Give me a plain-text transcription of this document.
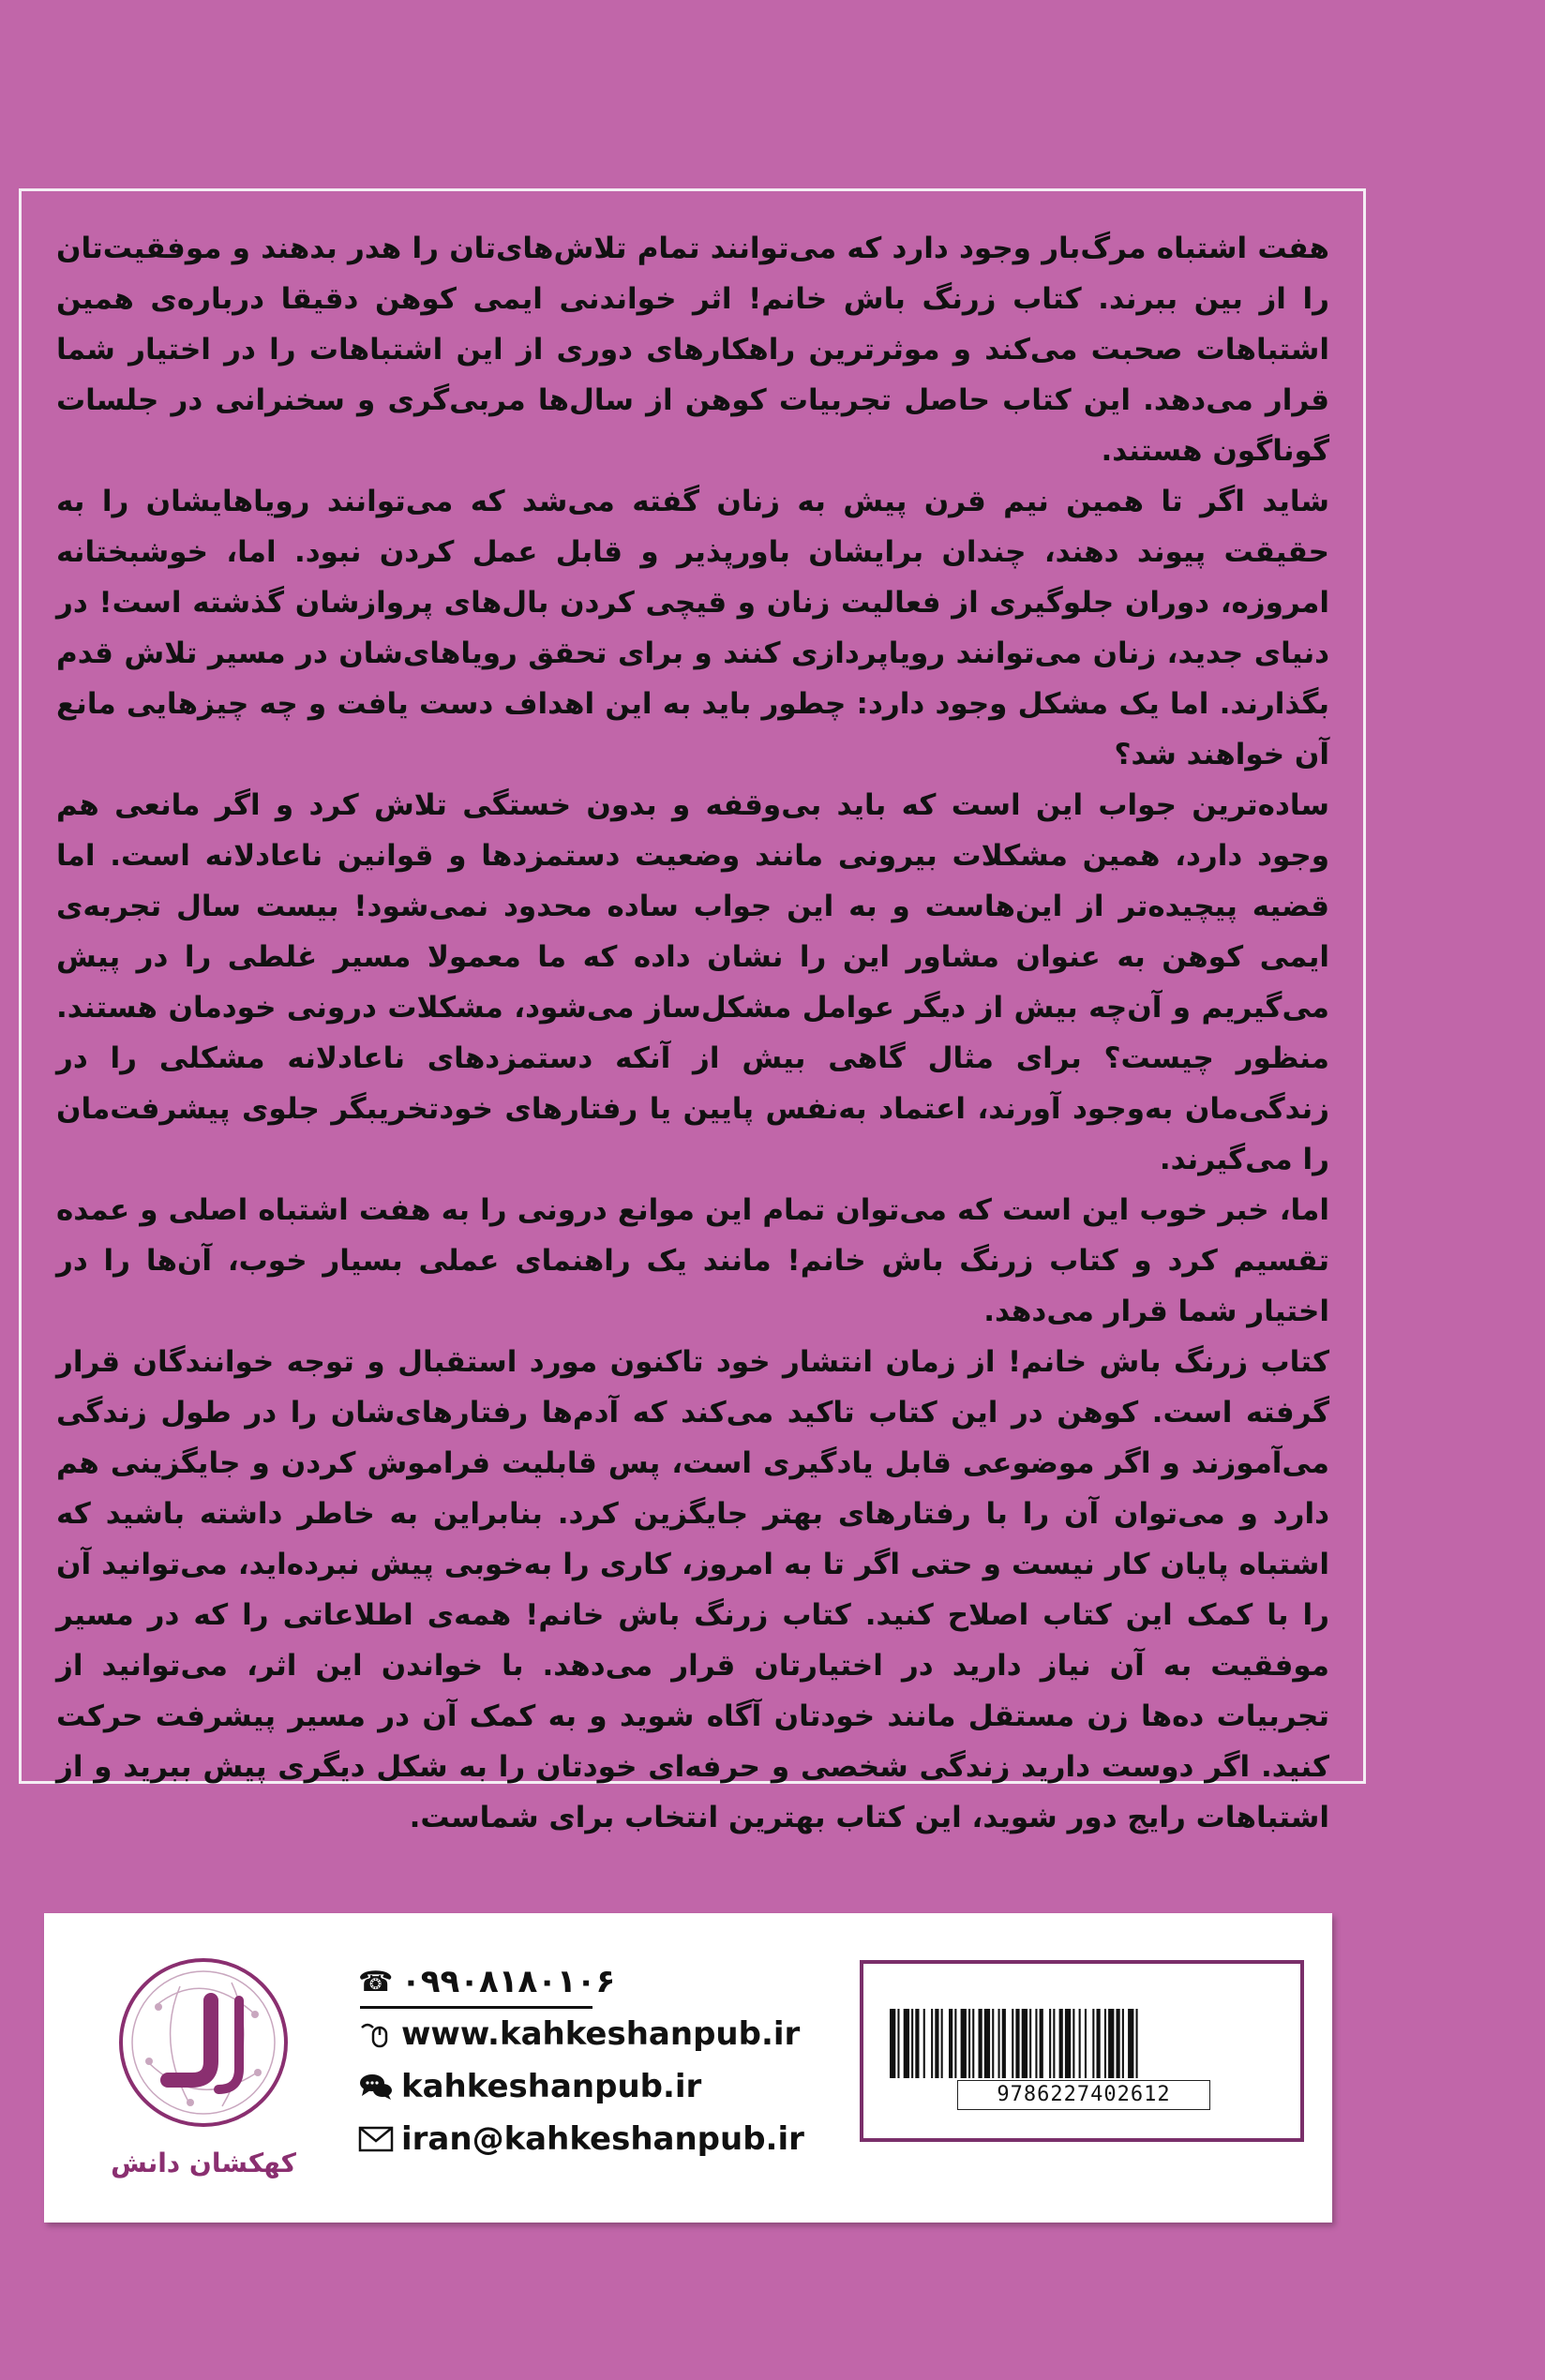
هفت اشتباه مرگ‌بار وجود دارد که می‌توانند تمام تلاش‌های‌تان را هدر بدهند و موفقیت‌تان را از بین ببرند. کتاب زرنگ باش خانم! اثر خواندنی ایمی کوهن دقیقا درباره‌ی همین اشتباهات صحبت می‌کند و موثرترین راهکارهای دوری از این اشتباهات را در اختیار شما قرار می‌دهد. این کتاب حاصل تجربیات کوهن از سال‌ها مربی‌گری و سخنرانی در جلسات گوناگون هستند.

شاید اگر تا همین نیم قرن پیش به زنان گفته می‌شد که می‌توانند رویاهایشان را به حقیقت پیوند دهند، چندان برایشان باورپذیر و قابل عمل کردن نبود. اما، خوشبختانه امروزه، دوران جلوگیری از فعالیت زنان و قیچی کردن بال‌های پروازشان گذشته است! در دنیای جدید، زنان می‌توانند رویاپردازی کنند و برای تحقق رویاهای‌شان در مسیر تلاش قدم بگذارند. اما یک مشکل وجود دارد: چطور باید به این اهداف دست یافت و چه چیزهایی مانع آن خواهند شد؟

ساده‌ترین جواب این است که باید بی‌وقفه و بدون خستگی تلاش کرد و اگر مانعی هم وجود دارد، همین مشکلات بیرونی مانند وضعیت دستمزدها و قوانین ناعادلانه است. اما قضیه پیچیده‌تر از این‌هاست و به این جواب ساده محدود نمی‌شود! بیست سال تجربه‌ی ایمی کوهن به عنوان مشاور این را نشان داده که ما معمولا مسیر غلطی را در پیش می‌گیریم و آن‌چه بیش از دیگر عوامل مشکل‌ساز می‌شود، مشکلات درونی خودمان هستند. منظور چیست؟ برای مثال گاهی بیش از آنکه دستمزدهای ناعادلانه مشکلی را در زندگی‌مان به‌وجود آورند، اعتماد به‌نفس پایین یا رفتارهای خودتخریبگر جلوی پیشرفت‌مان را می‌گیرند.

اما، خبر خوب این است که می‌توان تمام این موانع درونی را به هفت اشتباه اصلی و عمده تقسیم کرد و کتاب زرنگ باش خانم! مانند یک راهنمای عملی بسیار خوب، آن‌ها را در اختیار شما قرار می‌دهد.

کتاب زرنگ باش خانم! از زمان انتشار خود تاکنون مورد استقبال و توجه خوانندگان قرار گرفته است. کوهن در این کتاب تاکید می‌کند که آدم‌ها رفتارهای‌شان را در طول زندگی می‌آموزند و اگر موضوعی قابل یادگیری است، پس قابلیت فراموش کردن و جایگزینی هم دارد و می‌توان آن را با رفتارهای بهتر جایگزین کرد. بنابراین به خاطر داشته باشید که اشتباه پایان کار نیست و حتی اگر تا به امروز، کاری را به‌خوبی پیش نبرده‌اید، می‌توانید آن را با کمک این کتاب اصلاح کنید. کتاب زرنگ باش خانم! همه‌ی اطلاعاتی را که در مسیر موفقیت به آن نیاز دارید در اختیارتان قرار می‌دهد. با خواندن این اثر، می‌توانید از تجربیات ده‌ها زن مستقل مانند خودتان آگاه شوید و به کمک آن در مسیر پیشرفت حرکت کنید. اگر دوست دارید زندگی شخصی و حرفه‌ای خودتان را به شکل دیگری پیش ببرید و از اشتباهات رایج دور شوید، این کتاب بهترین انتخاب برای شماست.

کهکشان دانش
☎ ۰۹۹۰۸۱۸۰۱۰۶
www.kahkeshanpub.ir
kahkeshanpub.ir
iran@kahkeshanpub.ir
9786227402612
